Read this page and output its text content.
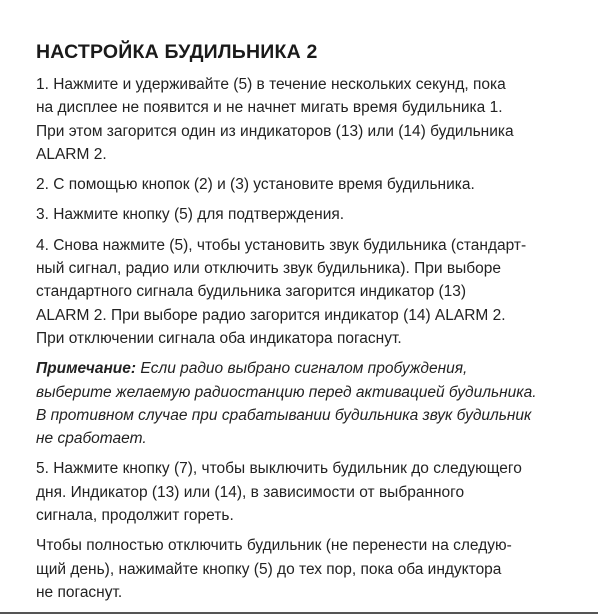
НАСТРОЙКА БУДИЛЬНИКА 2

1. Нажмите и удерживайте (5) в течение нескольких секунд, пока
на дисплее не появится и не начнет мигать время будильника 1.
При этом загорится один из индикаторов (13) или (14) будильника
ALARM 2.

2. С помощью кнопок (2) и (3) установите время будильника.

3. Нажмите кнопку (5) для подтверждения.

4. Снова нажмите (5), чтобы установить звук будильника (стандарт-
ный сигнал, радио или отключить звук будильника). При выборе
стандартного сигнала будильника загорится индикатор (13)
ALARM 2. При выборе радио загорится индикатор (14) ALARM 2.
При отключении сигнала оба индикатора погаснут.

Примечание: Если радио выбрано сигналом пробуждения,
выберите желаемую радиостанцию перед активацией будильника.
В противном случае при срабатывании будильника звук будильник
не сработает.

5. Нажмите кнопку (7), чтобы выключить будильник до следующего
дня. Индикатор (13) или (14), в зависимости от выбранного
сигнала, продолжит гореть.

Чтобы полностью отключить будильник (не перенести на следую-
щий день), нажимайте кнопку (5) до тех пор, пока оба индуктора
не погаснут.
